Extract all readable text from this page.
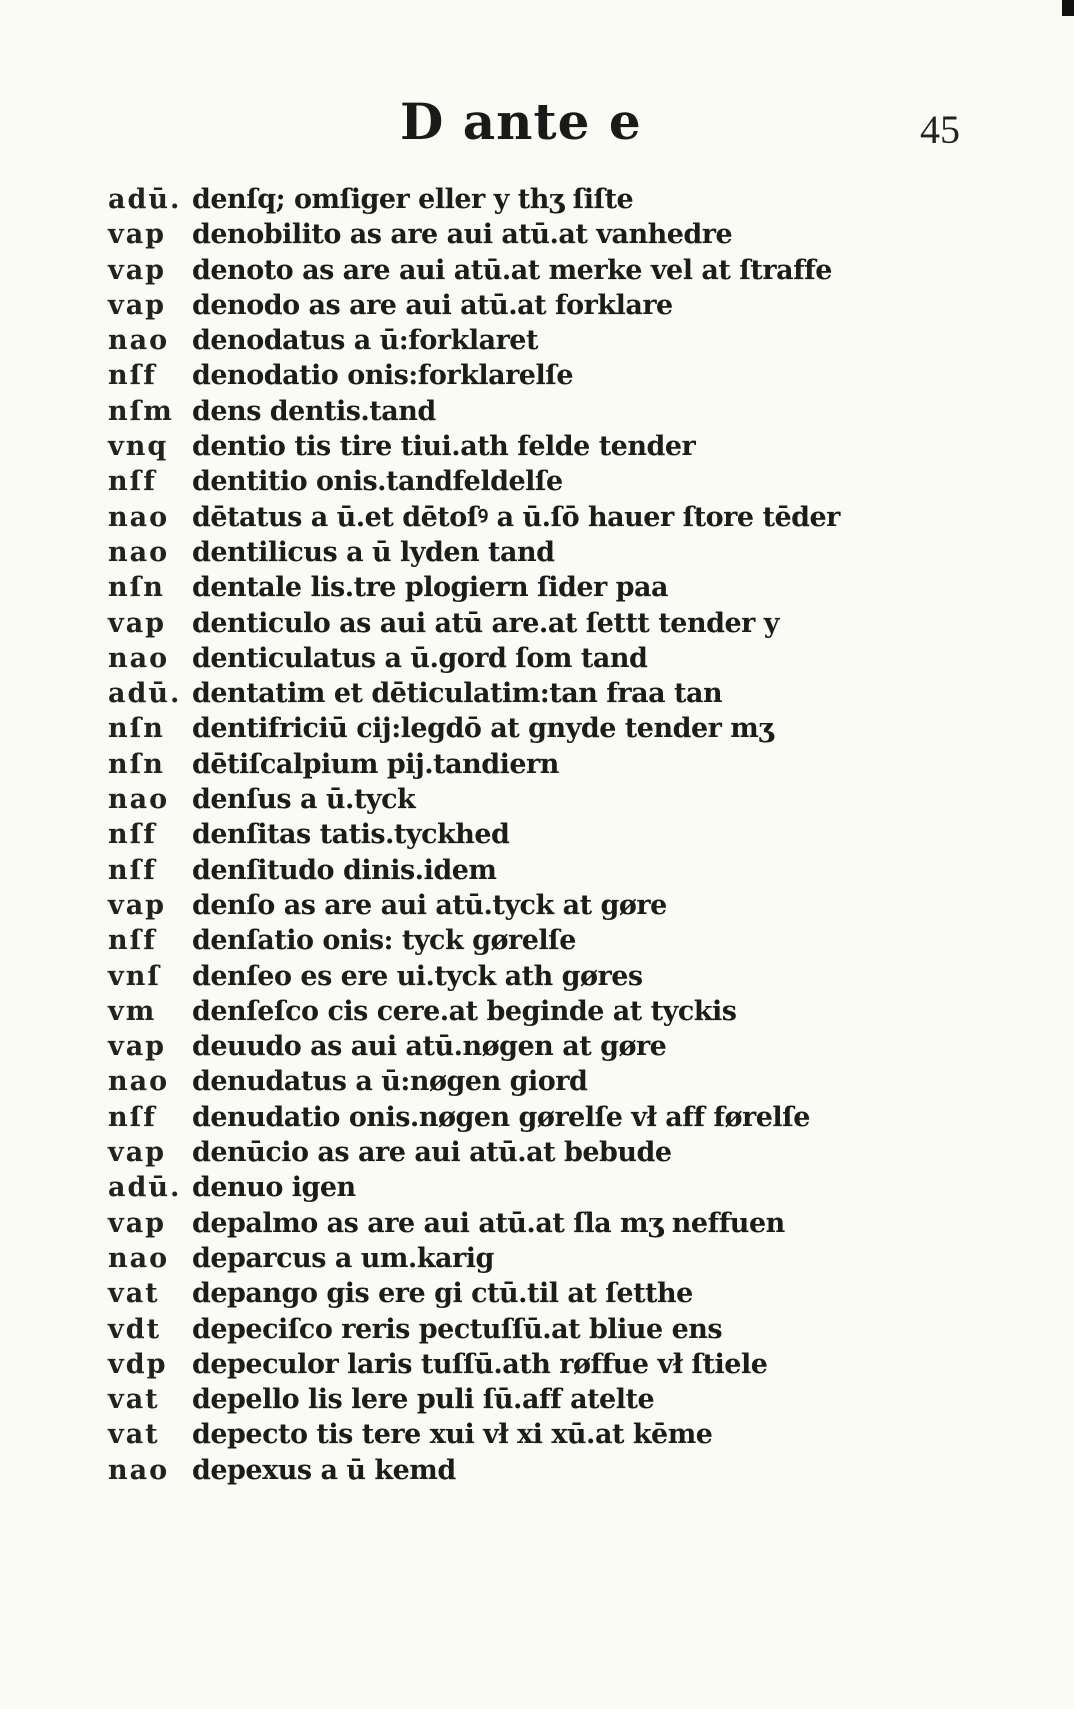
D ante e	45
adū. denſq; omſiger eller y thʒ ſiſte
vap denobilito as are aui atū.at vanhedre
vap denoto as are aui atū.at merke vel at ſtraffe
vap denodo as are aui atū.at forklare
nao denodatus a ū:forklaret
nſf	denodatio onis:forklarelſe
nſm dens dentis.tand
vnq dentio tis tire tiui.ath felde tender
nſf	dentitio onis.tandfeldelſe
nao dētatus a ū.et dētoſꝰ a ū.ſō hauer ſtore tēder
nao dentilicus a ū lyden tand
nſn	dentale lis.tre plogiern ſider paa
vap denticulo as aui atū are.at ſettt tender y
nao denticulatus a ū.gord ſom tand
adū. dentatim et dēticulatim:tan fraa tan
nſn	dentifriciū cij:legdō at gnyde tender mʒ
nſn	dētiſcalpium pij.tandiern
nao denſus a ū.tyck
nſf	denſitas tatis.tyckhed
nſf	denſitudo dinis.idem
vap denſo as are aui atū.tyck at gøre
nſf	denſatio onis: tyck gørelſe
vnſ	denſeo es ere ui.tyck ath gøres
vm	denſeſco cis cere.at beginde at tyckis
vap deuudo as aui atū.nøgen at gøre
nao denudatus a ū:nøgen giord
nſf	denudatio onis.nøgen gørelſe vł aff førelſe
vap denūcio as are aui atū.at bebude
adū. denuo igen
vap depalmo as are aui atū.at ſla mʒ neffuen
nao deparcus a um.karig
vat	depango gis ere gi ctū.til at ſetthe
vdt	depeciſco reris pectuſſū.at bliue ens
vdp depeculor laris tuſſū.ath røffue vł ſtiele
vat	depello lis lere puli ſū.aff atelte
vat	depecto tis tere xui vł xi xū.at kēme
nao depexus a ū kemd
